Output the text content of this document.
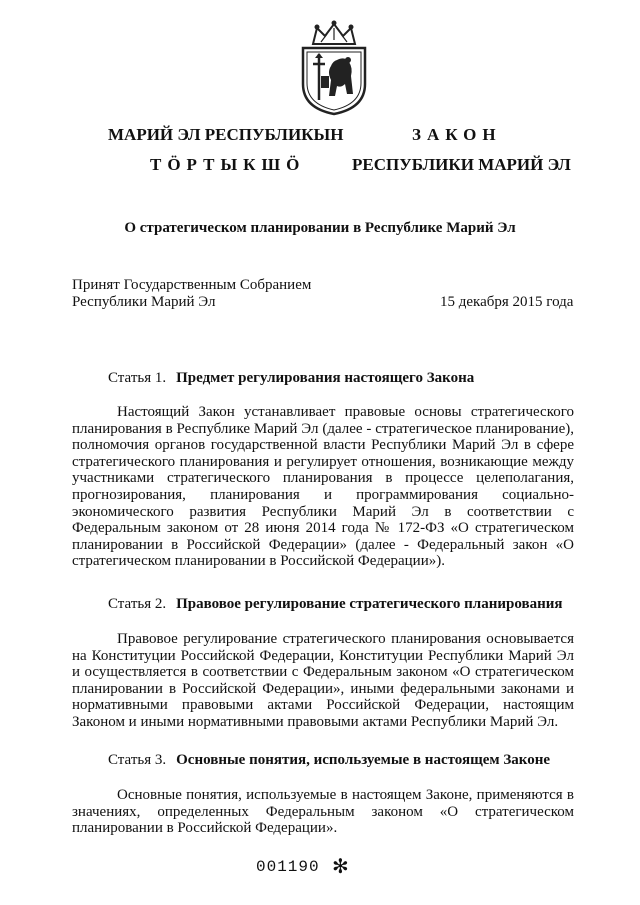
МАРИЙ ЭЛ РЕСПУБЛИКЫН
ТӦРТЫКШӦ
ЗАКОН
РЕСПУБЛИКИ МАРИЙ ЭЛ
О стратегическом планировании в Республике Марий Эл
Принят Государственным Собранием
Республики Марий Эл	15 декабря 2015 года
Статья 1. Предмет регулирования настоящего Закона
Настоящий Закон устанавливает правовые основы стратегического планирования в Республике Марий Эл (далее - стратегическое планирование), полномочия органов государственной власти Республики Марий Эл в сфере стратегического планирования и регулирует отношения, возникающие между участниками стратегического планирования в процессе целеполагания, прогнозирования, планирования и программирования социально-экономического развития Республики Марий Эл в соответствии с Федеральным законом от 28 июня 2014 года № 172-ФЗ «О стратегическом планировании в Российской Федерации» (далее - Федеральный закон «О стратегическом планировании в Российской Федерации»).
Статья 2. Правовое регулирование стратегического планирования
Правовое регулирование стратегического планирования основывается на Конституции Российской Федерации, Конституции Республики Марий Эл и осуществляется в соответствии с Федеральным законом «О стратегическом планировании в Российской Федерации», иными федеральными законами и нормативными правовыми актами Российской Федерации, настоящим Законом и иными нормативными правовыми актами Республики Марий Эл.
Статья 3. Основные понятия, используемые в настоящем Законе
Основные понятия, используемые в настоящем Законе, применяются в значениях, определенных Федеральным законом «О стратегическом планировании в Российской Федерации».
001190 ✻
